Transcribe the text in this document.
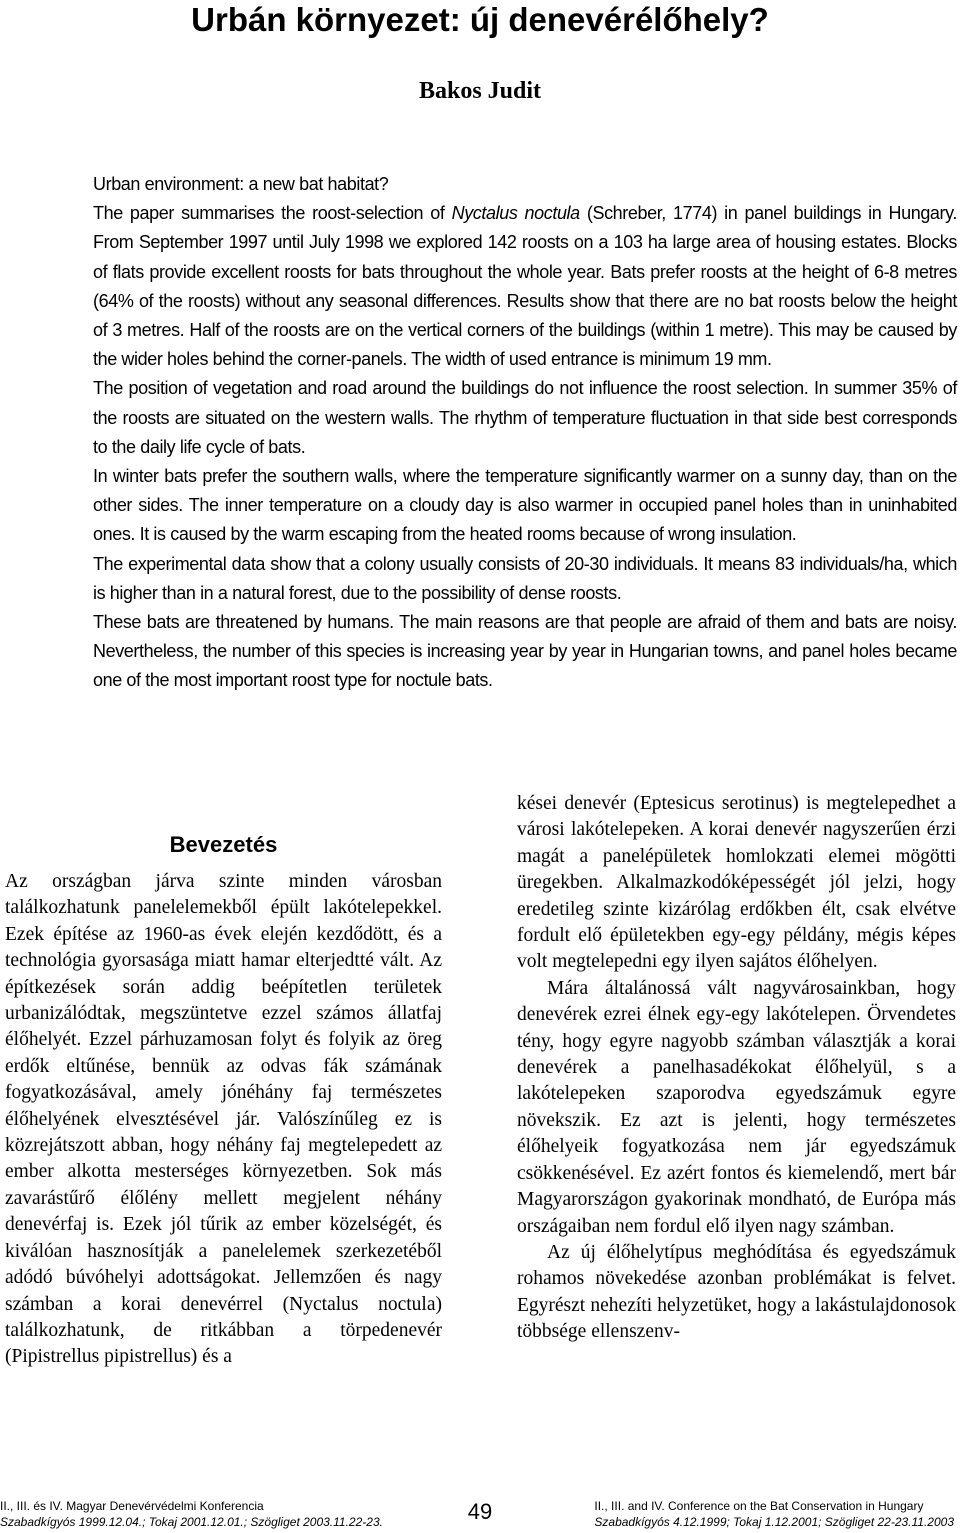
Urbán környezet: új denevérélőhely?
Bakos Judit

Urban environment: a new bat habitat?

The paper summarises the roost-selection of Nyctalus noctula (Schreber, 1774) in panel buildings in Hungary. From September 1997 until July 1998 we explored 142 roosts on a 103 ha large area of housing estates. Blocks of flats provide excellent roosts for bats throughout the whole year. Bats prefer roosts at the height of 6-8 metres (64% of the roosts) without any seasonal differences. Results show that there are no bat roosts below the height of 3 metres. Half of the roosts are on the vertical corners of the buildings (within 1 metre). This may be caused by the wider holes behind the corner-panels. The width of used entrance is minimum 19 mm.

The position of vegetation and road around the buildings do not influence the roost selection. In summer 35% of the roosts are situated on the western walls. The rhythm of temperature fluctuation in that side best corresponds to the daily life cycle of bats.

In winter bats prefer the southern walls, where the temperature significantly warmer on a sunny day, than on the other sides. The inner temperature on a cloudy day is also warmer in occupied panel holes than in uninhabited ones. It is caused by the warm escaping from the heated rooms because of wrong insulation.

The experimental data show that a colony usually consists of 20-30 individuals. It means 83 individuals/ha, which is higher than in a natural forest, due to the possibility of dense roosts.

These bats are threatened by humans. The main reasons are that people are afraid of them and bats are noisy. Nevertheless, the number of this species is increasing year by year in Hungarian towns, and panel holes became one of the most important roost type for noctule bats.

Bevezetés

Az országban járva szinte minden városban találkozhatunk panelelemekből épült lakótelepekkel. Ezek építése az 1960-as évek elején kezdődött, és a technológia gyorsasága miatt hamar elterjedtté vált. Az építkezések során addig beépítetlen területek urbanizálódtak, megszüntetve ezzel számos állatfaj élőhelyét. Ezzel párhuzamosan folyt és folyik az öreg erdők eltűnése, bennük az odvas fák számának fogyatkozásával, amely jónéhány faj természetes élőhelyének elvesztésével jár. Valószínűleg ez is közrejátszott abban, hogy néhány faj megtelepedett az ember alkotta mesterséges környezetben. Sok más zavarástűrő élőlény mellett megjelent néhány denevérfaj is. Ezek jól tűrik az ember közelségét, és kiválóan hasznosítják a panelelemek szerkezetéből adódó búvóhelyi adottságokat. Jellemzően és nagy számban a korai denevérrel (Nyctalus noctula) találkozhatunk, de ritkábban a törpedenevér (Pipistrellus pipistrellus) és a

kései denevér (Eptesicus serotinus) is megtelepedhet a városi lakótelepeken. A korai denevér nagyszerűen érzi magát a panelépületek homlokzati elemei mögötti üregekben. Alkalmazkodóképességét jól jelzi, hogy eredetileg szinte kizárólag erdőkben élt, csak elvétve fordult elő épületekben egy-egy példány, mégis képes volt megtelepedni egy ilyen sajátos élőhelyen.

Mára általánossá vált nagyvárosainkban, hogy denevérek ezrei élnek egy-egy lakótelepen. Örvendetes tény, hogy egyre nagyobb számban választják a korai denevérek a panelhasadékokat élőhelyül, s a lakótelepeken szaporodva egyedszámuk egyre növekszik. Ez azt is jelenti, hogy természetes élőhelyeik fogyatkozása nem jár egyedszámuk csökkenésével. Ez azért fontos és kiemelendő, mert bár Magyarországon gyakorinak mondható, de Európa más országaiban nem fordul elő ilyen nagy számban.

Az új élőhelytípus meghódítása és egyedszámuk rohamos növekedése azonban problémákat is felvet. Egyrészt nehezíti helyzetüket, hogy a lakástulajdonosok többsége ellenszenv-

II., III. és IV. Magyar Denevérvédelmi Konferencia
Szabadkígyós 1999.12.04.; Tokaj 2001.12.01.; Szögliget 2003.11.22-23.	49	II., III. and IV. Conference on the Bat Conservation in Hungary
Szabadkígyós 4.12.1999; Tokaj 1.12.2001; Szögliget 22-23.11.2003
